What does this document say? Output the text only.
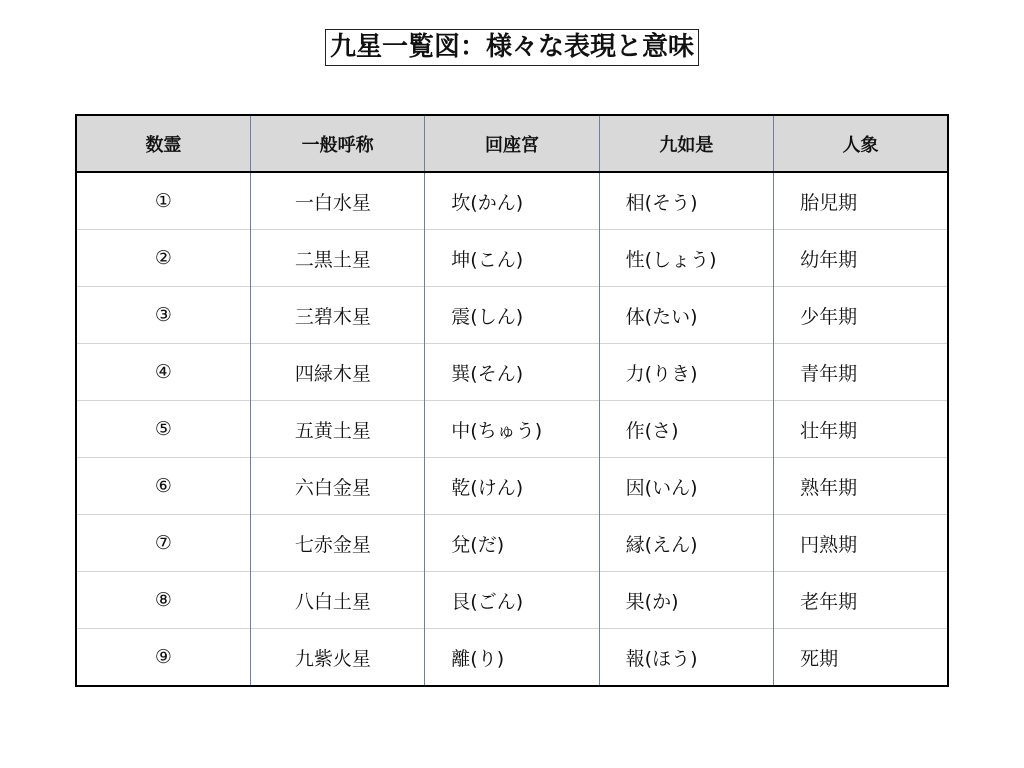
九星一覧図：様々な表現と意味
数霊	一般呼称	回座宮	九如是	人象
①	一白水星	坎(かん)	相(そう)	胎児期
②	二黒土星	坤(こん)	性(しょう)	幼年期
③	三碧木星	震(しん)	体(たい)	少年期
④	四緑木星	巽(そん)	力(りき)	青年期
⑤	五黄土星	中(ちゅう)	作(さ)	壮年期
⑥	六白金星	乾(けん)	因(いん)	熟年期
⑦	七赤金星	兌(だ)	縁(えん)	円熟期
⑧	八白土星	艮(ごん)	果(か)	老年期
⑨	九紫火星	離(り)	報(ほう)	死期
